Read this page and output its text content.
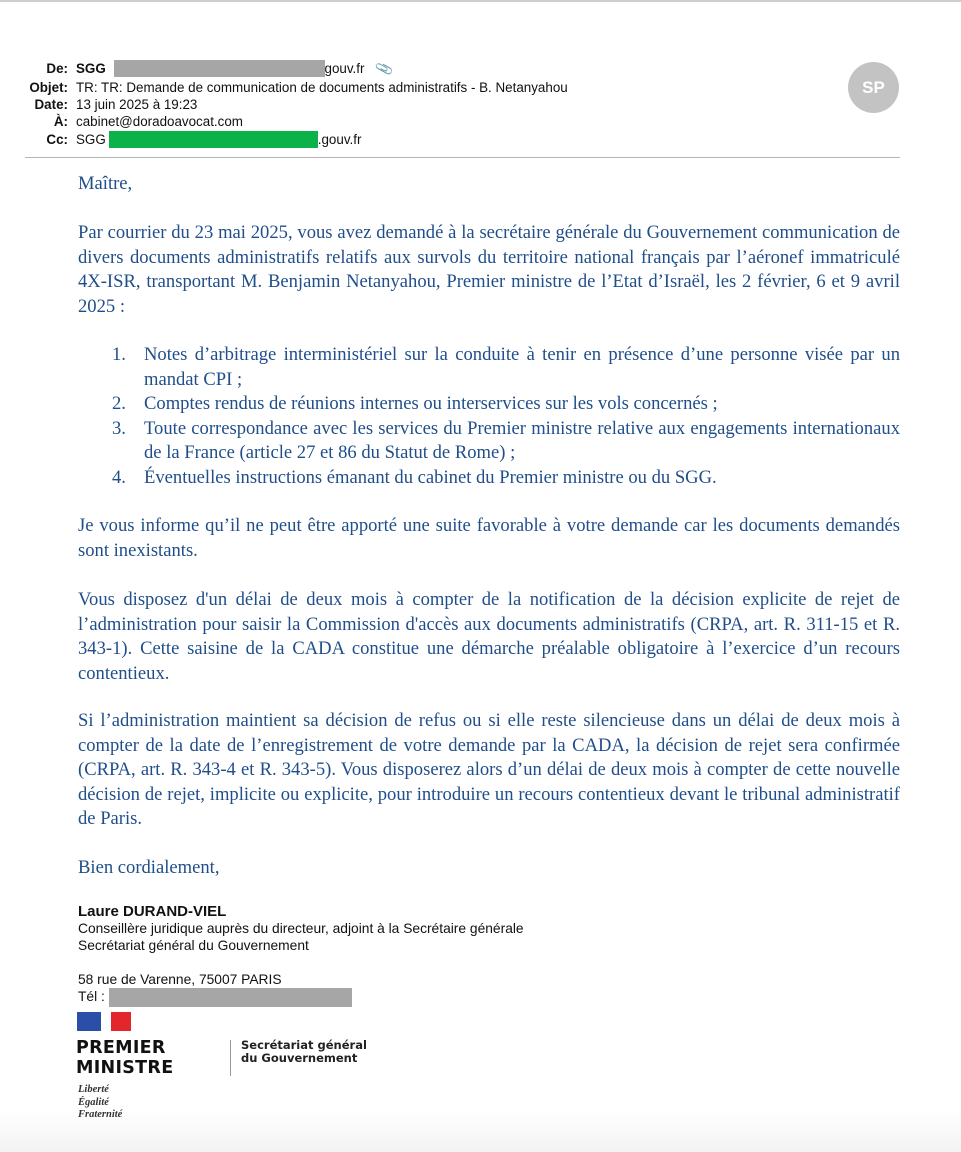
De: SGG	gouv.fr 📎
Objet: TR: TR: Demande de communication de documents administratifs - B. Netanyahou
Date: 13 juin 2025 à 19:23
À: cabinet@doradoavocat.com
Cc: SGG	.gouv.fr
SP

Maître,

Par courrier du 23 mai 2025, vous avez demandé à la secrétaire générale du Gouvernement communication de divers documents administratifs relatifs aux survols du territoire national français par l’aéronef immatriculé 4X-ISR, transportant M. Benjamin Netanyahou, Premier ministre de l’Etat d’Israël, les 2 février, 6 et 9 avril 2025 :

1. Notes d’arbitrage interministériel sur la conduite à tenir en présence d’une personne visée par un mandat CPI ;
2. Comptes rendus de réunions internes ou interservices sur les vols concernés ;
3. Toute correspondance avec les services du Premier ministre relative aux engagements internationaux de la France (article 27 et 86 du Statut de Rome) ;
4. Éventuelles instructions émanant du cabinet du Premier ministre ou du SGG.

Je vous informe qu’il ne peut être apporté une suite favorable à votre demande car les documents demandés sont inexistants.

Vous disposez d'un délai de deux mois à compter de la notification de la décision explicite de rejet de l’administration pour saisir la Commission d'accès aux documents administratifs (CRPA, art. R. 311-15 et R. 343-1). Cette saisine de la CADA constitue une démarche préalable obligatoire à l’exercice d’un recours contentieux.

Si l’administration maintient sa décision de refus ou si elle reste silencieuse dans un délai de deux mois à compter de la date de l’enregistrement de votre demande par la CADA, la décision de rejet sera confirmée (CRPA, art. R. 343-4 et R. 343-5). Vous disposerez alors d’un délai de deux mois à compter de cette nouvelle décision de rejet, implicite ou explicite, pour introduire un recours contentieux devant le tribunal administratif de Paris.

Bien cordialement,

Laure DURAND-VIEL
Conseillère juridique auprès du directeur, adjoint à la Secrétaire générale
Secrétariat général du Gouvernement
58 rue de Varenne, 75007 PARIS
Tél :
PREMIER
MINISTRE
Liberté
Égalité
Fraternité
Secrétariat général
du Gouvernement
